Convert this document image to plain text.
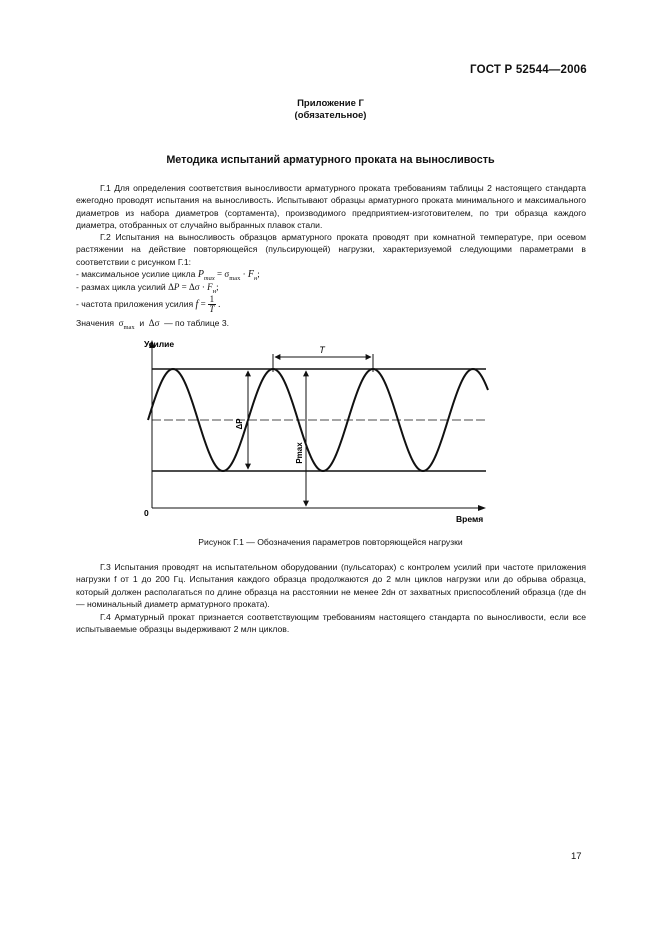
ГОСТ Р 52544—2006
Приложение Г
(обязательное)
Методика испытаний арматурного проката на выносливость
Г.1 Для определения соответствия выносливости арматурного проката требованиям таблицы 2 настоящего стандарта ежегодно проводят испытания на выносливость. Испытывают образцы арматурного проката минимального и максимального диаметров из набора диаметров (сортамента), производимого предприятием-изготовителем, по три образца каждого диаметра, отобранных от случайно выбранных плавок стали.
Г.2 Испытания на выносливость образцов арматурного проката проводят при комнатной температуре, при осевом растяжении на действие повторяющейся (пульсирующей) нагрузки, характеризуемой следующими параметрами в соответствии с рисунком Г.1:
- максимальное усилие цикла $P_{max} = \sigma_{max} \cdot F_н$;
- размах цикла усилий $\Delta P = \Delta\sigma \cdot F_н$;
- частота приложения усилия $f = \frac{1}{T}$ .
Значения  $\sigma_{max}$ и  Δσ  — по таблице 3.
Усилие
Время
0
T
ΔP
Pmax
Рисунок Г.1 — Обозначения параметров повторяющейся нагрузки
Г.3 Испытания проводят на испытательном оборудовании (пульсаторах) с контролем усилий при частоте приложения нагрузки f от 1 до 200 Гц. Испытания каждого образца продолжаются до 2 млн циклов нагрузки или до обрыва образца, который должен располагаться по длине образца на расстоянии не менее 2dн от захватных приспособлений образца (где dн — номинальный диаметр арматурного проката).
Г.4 Арматурный прокат признается соответствующим требованиям настоящего стандарта по выносливости, если все испытываемые образцы выдерживают 2 млн циклов.
17
